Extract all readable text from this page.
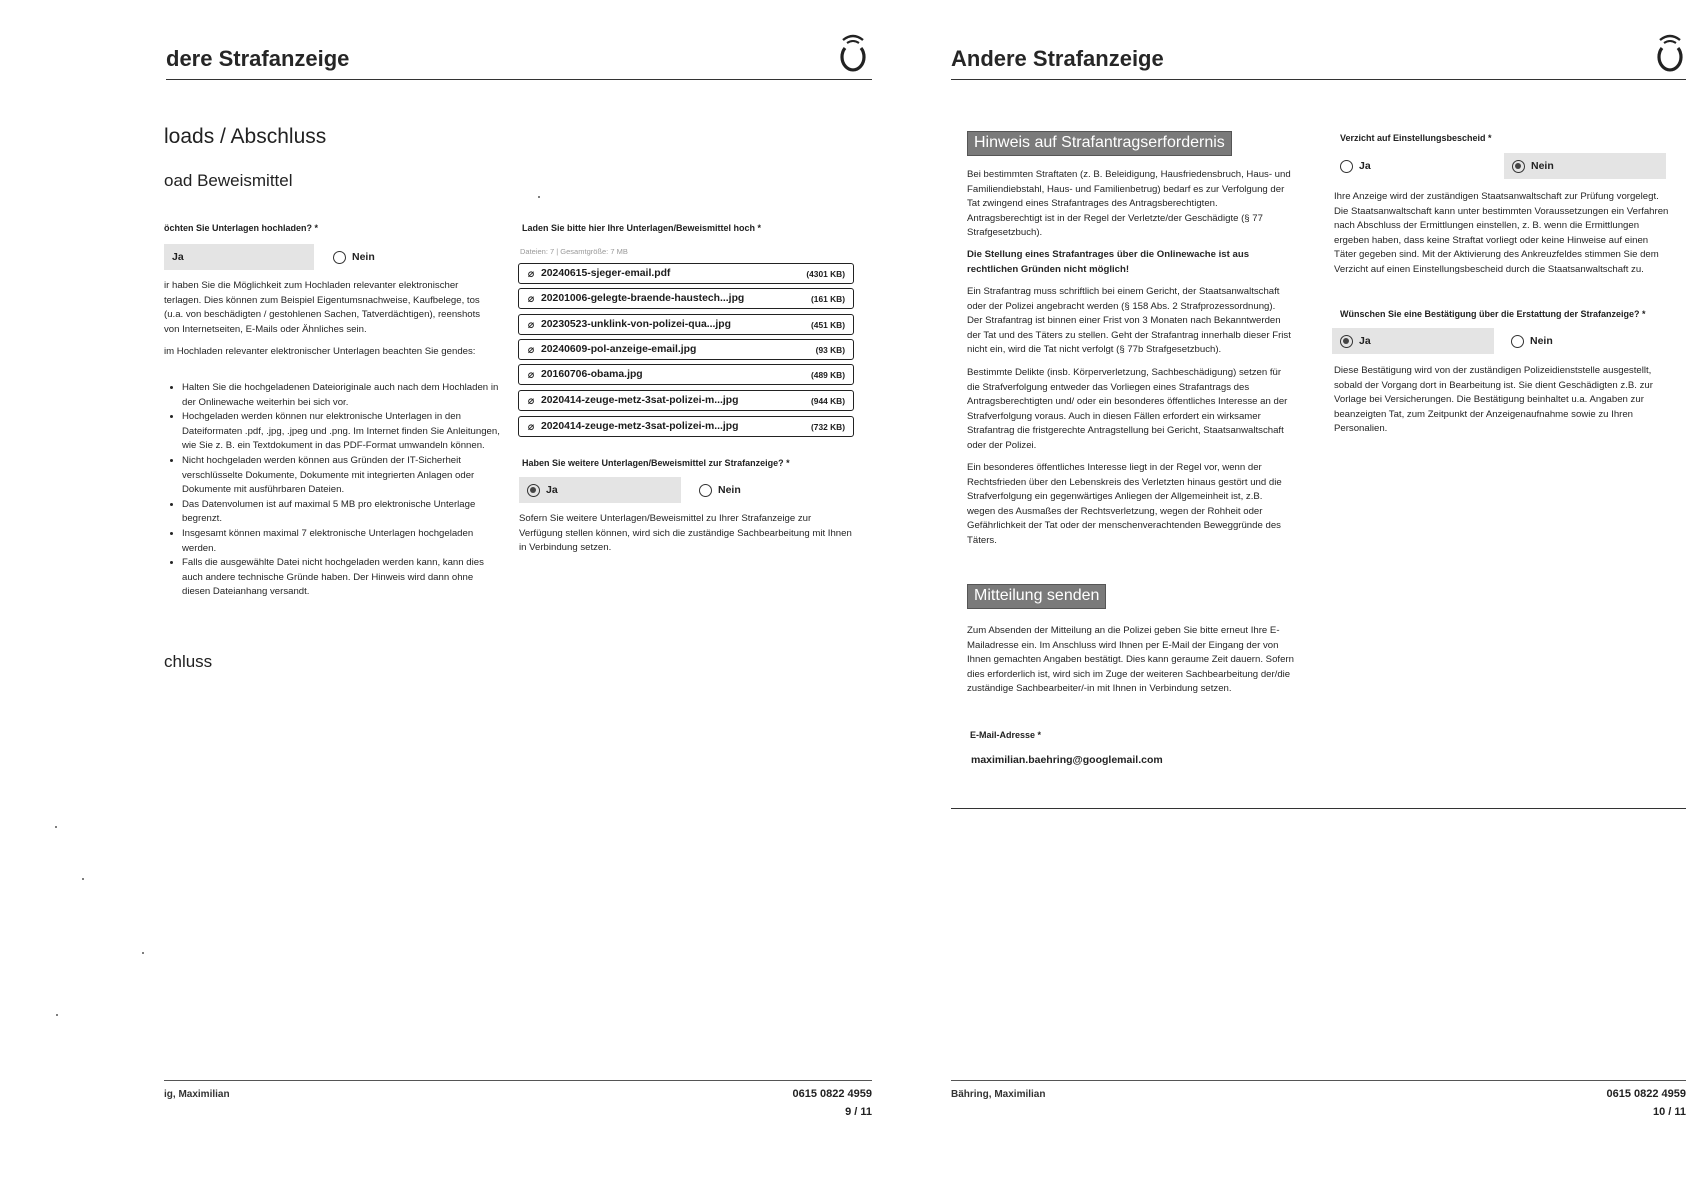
dere Strafanzeige
loads / Abschluss
oad Beweismittel
öchten Sie Unterlagen hochladen? *
Ja	Nein

ir haben Sie die Möglichkeit zum Hochladen relevanter elektronischer terlagen. Dies können zum Beispiel Eigentumsnachweise, Kaufbelege, tos (u.a. von beschädigten / gestohlenen Sachen, Tatverdächtigen), reenshots von Internetseiten, E-Mails oder Ähnliches sein.

im Hochladen relevanter elektronischer Unterlagen beachten Sie gendes:

• Halten Sie die hochgeladenen Dateioriginale auch nach dem Hochladen in der Onlinewache weiterhin bei sich vor.
• Hochgeladen werden können nur elektronische Unterlagen in den Dateiformaten .pdf, .jpg, .jpeg und .png. Im Internet finden Sie Anleitungen, wie Sie z. B. ein Textdokument in das PDF-Format umwandeln können.
• Nicht hochgeladen werden können aus Gründen der IT-Sicherheit verschlüsselte Dokumente, Dokumente mit integrierten Anlagen oder Dokumente mit ausführbaren Dateien.
• Das Datenvolumen ist auf maximal 5 MB pro elektronische Unterlage begrenzt.
• Insgesamt können maximal 7 elektronische Unterlagen hochgeladen werden.
• Falls die ausgewählte Datei nicht hochgeladen werden kann, kann dies auch andere technische Gründe haben. Der Hinweis wird dann ohne diesen Dateianhang versandt.
chluss
Laden Sie bitte hier Ihre Unterlagen/Beweismittel hoch *
Dateien: 7 | Gesamtgröße: 7 MB
⌀ 20240615-sjeger-email.pdf	(4301 KB)
⌀ 20201006-gelegte-braende-haustech...jpg	(161 KB)
⌀ 20230523-unklink-von-polizei-qua...jpg	(451 KB)
⌀ 20240609-pol-anzeige-email.jpg	(93 KB)
⌀ 20160706-obama.jpg	(489 KB)
⌀ 2020414-zeuge-metz-3sat-polizei-m...jpg	(944 KB)
⌀ 2020414-zeuge-metz-3sat-polizei-m...jpg	(732 KB)
Haben Sie weitere Unterlagen/Beweismittel zur Strafanzeige? *
Ja	Nein

Sofern Sie weitere Unterlagen/Beweismittel zu Ihrer Strafanzeige zur Verfügung stellen können, wird sich die zuständige Sachbearbeitung mit Ihnen in Verbindung setzen.

ig, Maximilian	0615 0822 4959
9 / 11
Andere Strafanzeige
Hinweis auf Strafantragserfordernis

Bei bestimmten Straftaten (z. B. Beleidigung, Hausfriedensbruch, Haus- und Familiendiebstahl, Haus- und Familienbetrug) bedarf es zur Verfolgung der Tat zwingend eines Strafantrages des Antragsberechtigten. Antragsberechtigt ist in der Regel der Verletzte/der Geschädigte (§ 77 Strafgesetzbuch).

Die Stellung eines Strafantrages über die Onlinewache ist aus rechtlichen Gründen nicht möglich!

Ein Strafantrag muss schriftlich bei einem Gericht, der Staatsanwaltschaft oder der Polizei angebracht werden (§ 158 Abs. 2 Strafprozessordnung). Der Strafantrag ist binnen einer Frist von 3 Monaten nach Bekanntwerden der Tat und des Täters zu stellen. Geht der Strafantrag innerhalb dieser Frist nicht ein, wird die Tat nicht verfolgt (§ 77b Strafgesetzbuch).

Bestimmte Delikte (insb. Körperverletzung, Sachbeschädigung) setzen für die Strafverfolgung entweder das Vorliegen eines Strafantrags des Antragsberechtigten und/ oder ein besonderes öffentliches Interesse an der Strafverfolgung voraus. Auch in diesen Fällen erfordert ein wirksamer Strafantrag die fristgerechte Antragstellung bei Gericht, Staatsanwaltschaft oder der Polizei.

Ein besonderes öffentliches Interesse liegt in der Regel vor, wenn der Rechtsfrieden über den Lebenskreis des Verletzten hinaus gestört und die Strafverfolgung ein gegenwärtiges Anliegen der Allgemeinheit ist, z.B. wegen des Ausmaßes der Rechtsverletzung, wegen der Rohheit oder Gefährlichkeit der Tat oder der menschenverachtenden Beweggründe des Täters.

Mitteilung senden

Zum Absenden der Mitteilung an die Polizei geben Sie bitte erneut Ihre E-Mailadresse ein. Im Anschluss wird Ihnen per E-Mail der Eingang der von Ihnen gemachten Angaben bestätigt. Dies kann geraume Zeit dauern. Sofern dies erforderlich ist, wird sich im Zuge der weiteren Sachbearbeitung der/die zuständige Sachbearbeiter/-in mit Ihnen in Verbindung setzen.

E-Mail-Adresse *
maximilian.baehring@googlemail.com
Verzicht auf Einstellungsbescheid *
Ja	Nein

Ihre Anzeige wird der zuständigen Staatsanwaltschaft zur Prüfung vorgelegt. Die Staatsanwaltschaft kann unter bestimmten Voraussetzungen ein Verfahren nach Abschluss der Ermittlungen einstellen, z. B. wenn die Ermittlungen ergeben haben, dass keine Straftat vorliegt oder keine Hinweise auf einen Täter gegeben sind. Mit der Aktivierung des Ankreuzfeldes stimmen Sie dem Verzicht auf einen Einstellungsbescheid durch die Staatsanwaltschaft zu.

Wünschen Sie eine Bestätigung über die Erstattung der Strafanzeige? *
Ja	Nein

Diese Bestätigung wird von der zuständigen Polizeidienststelle ausgestellt, sobald der Vorgang dort in Bearbeitung ist. Sie dient Geschädigten z.B. zur Vorlage bei Versicherungen. Die Bestätigung beinhaltet u.a. Angaben zur beanzeigten Tat, zum Zeitpunkt der Anzeigenaufnahme sowie zu Ihren Personalien.

Bähring, Maximilian	0615 0822 4959
10 / 11
